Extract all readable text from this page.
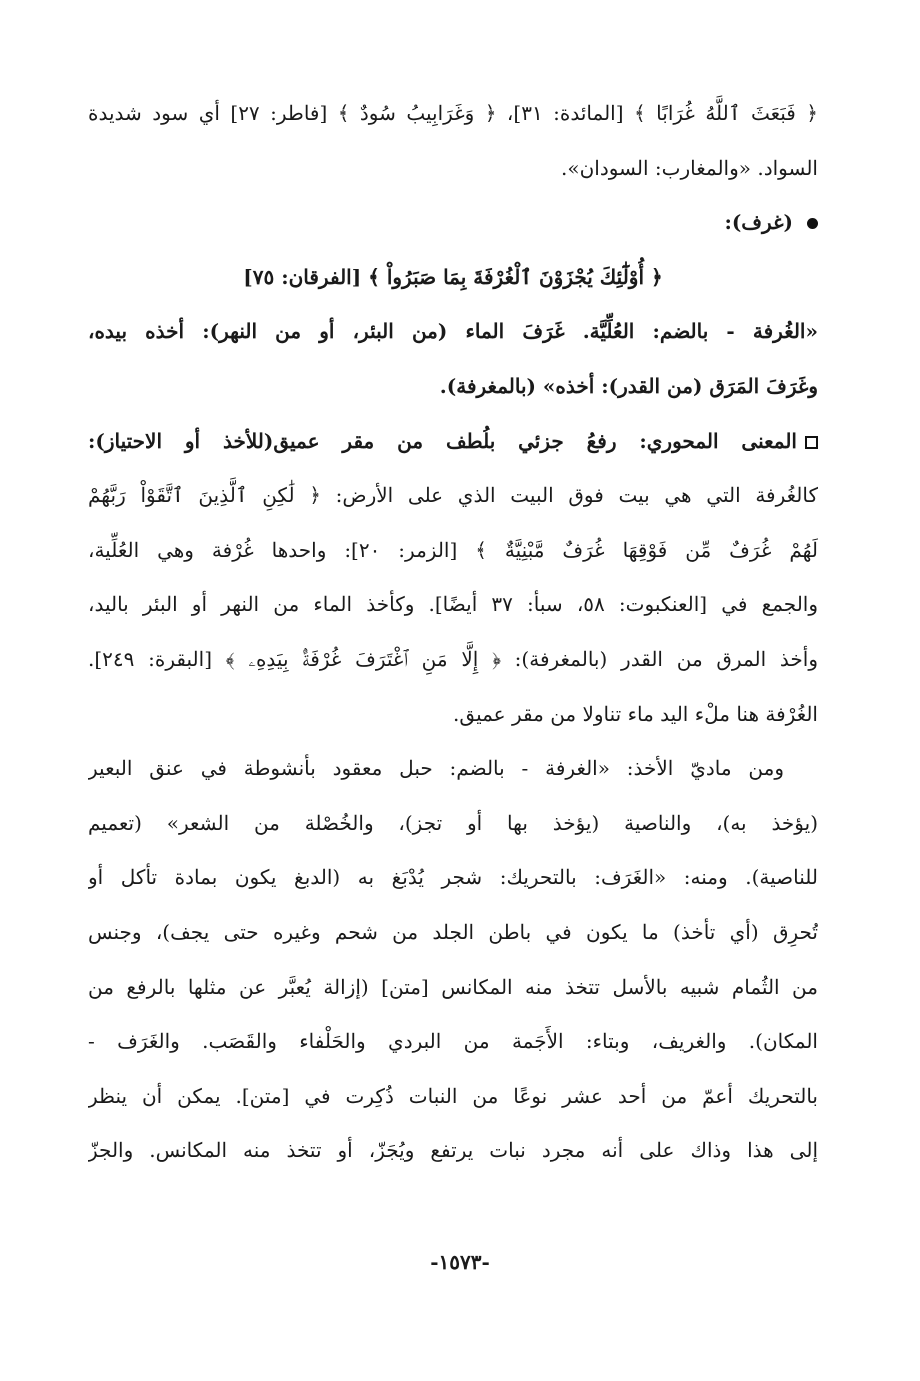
﴿ فَبَعَثَ ٱللَّهُ غُرَابًا ﴾ [المائدة: ٣١]، ﴿ وَغَرَابِيبُ سُودٌ ﴾ [فاطر: ٢٧] أي سود شديدة
السواد. «والمغارب: السودان».
(غرف):
﴿ أُوْلَٰٓئِكَ يُجْزَوْنَ ٱلْغُرْفَةَ بِمَا صَبَرُواْ ﴾ [الفرقان: ٧٥]
«الغُرفة - بالضم: العُلِّيَّة. غَرَفَ الماء (من البئر، أو من النهر): أخذه بيده،
وغَرَفَ المَرَق (من القدر): أخذه» (بالمغرفة).
المعنى المحوري: رفعُ جزئي بلُطف من مقر عميق(للأخذ أو الاحتياز):
كالغُرفة التي هي بيت فوق البيت الذي على الأرض: ﴿ لَٰكِنِ ٱلَّذِينَ ٱتَّقَوْاْ رَبَّهُمْ
لَهُمْ غُرَفٌ مِّن فَوْقِهَا غُرَفٌ مَّبْنِيَّةٌ ﴾ [الزمر: ٢٠]: واحدها غُرْفة وهي العُلِّية،
والجمع في [العنكبوت: ٥٨، سبأ: ٣٧ أيضًا]. وكأخذ الماء من النهر أو البئر باليد،
وأخذ المرق من القدر (بالمغرفة): ﴿ إِلَّا مَنِ ٱغْتَرَفَ غُرْفَةًۢ بِيَدِهِۦ ﴾ [البقرة: ٢٤٩].
الغُرْفة هنا ملْء اليد ماء تناولا من مقر عميق.
ومن ماديّ الأخذ: «الغرفة - بالضم: حبل معقود بأنشوطة في عنق البعير
(يؤخذ به)، والناصية (يؤخذ بها أو تجز)، والخُصْلة من الشعر» (تعميم
للناصية). ومنه: «الغَرَف: بالتحريك: شجر يُدْبَغ به (الدبغ يكون بمادة تأكل أو
تُحرِق (أي تأخذ) ما يكون في باطن الجلد من شحم وغيره حتى يجف)، وجنس
من الثُمام شبيه بالأسل تتخذ منه المكانس [متن] (إزالة يُعبَّر عن مثلها بالرفع من
المكان). والغريف، وبتاء: الأَجَمة من البردي والحَلْفاء والقَصَب. والغَرَف -
بالتحريك أعمّ من أحد عشر نوعًا من النبات ذُكِرت في [متن]. يمكن أن ينظر
إلى هذا وذاك على أنه مجرد نبات يرتفع ويُجَزّ، أو تتخذ منه المكانس. والجزّ
-١٥٧٣-
